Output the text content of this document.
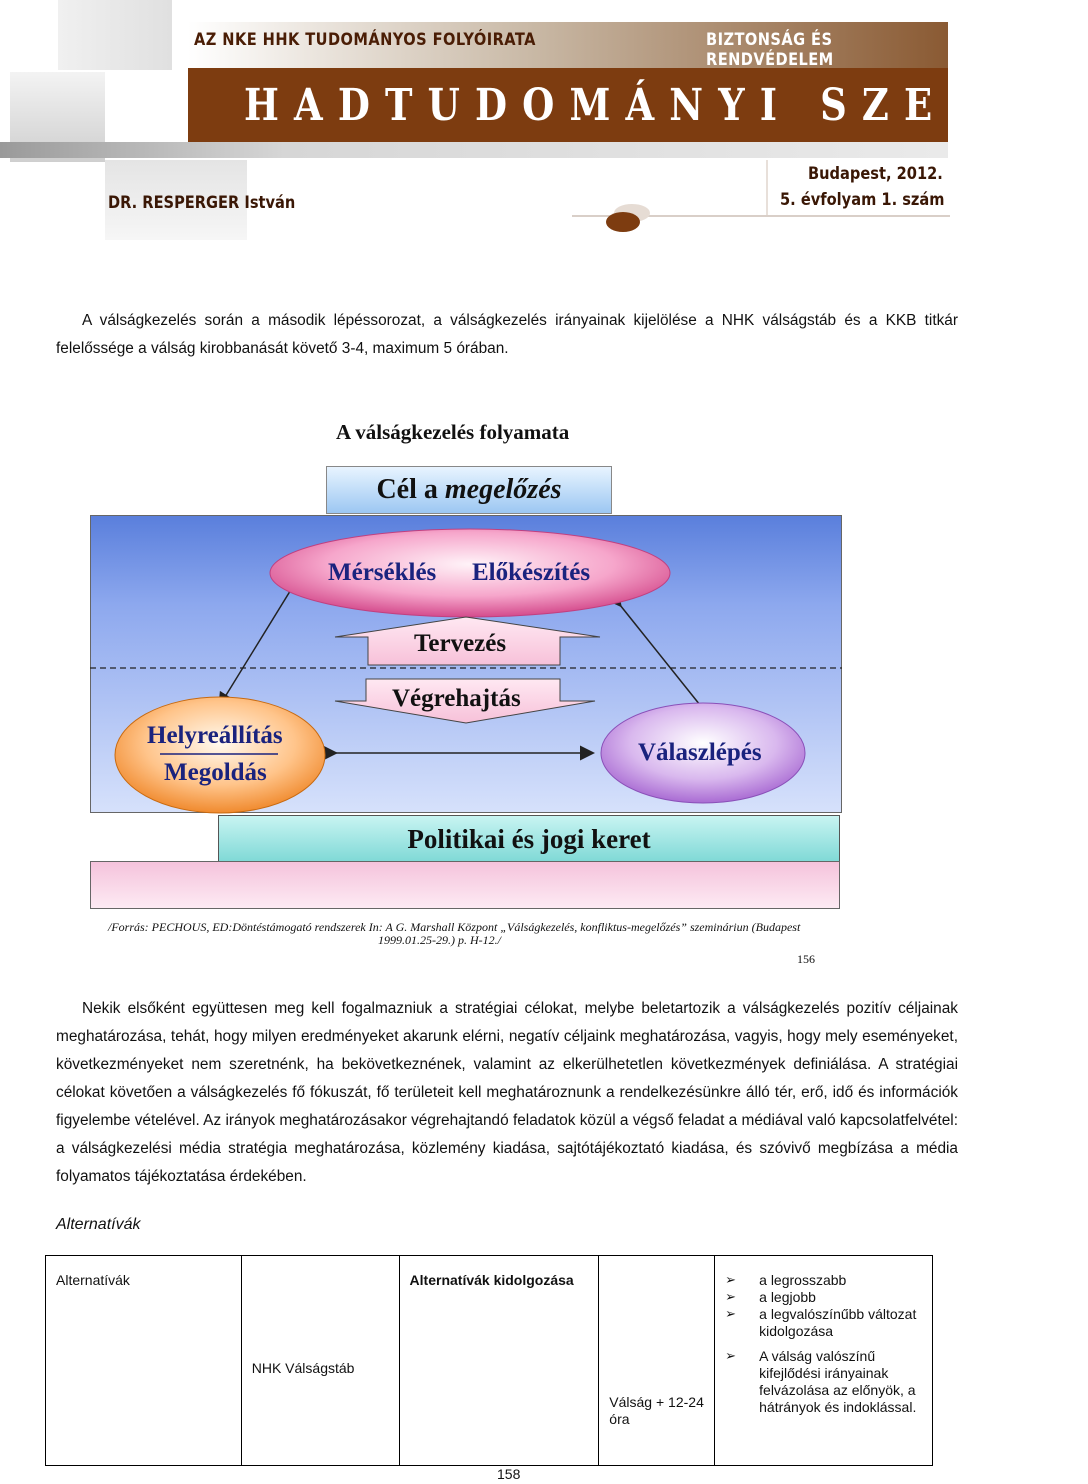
AZ NKE HHK TUDOMÁNYOS FOLYÓIRATA	BIZTONSÁG ÉS RENDVÉDELEM
HADTUDOMÁNYI SZEMLE
DR. RESPERGER István
Budapest, 2012.
5. évfolyam 1. szám
A válságkezelés során a második lépéssorozat, a válságkezelés irányainak kijelölése a NHK válságstáb és a KKB titkár felelőssége a válság kirobbanását követő 3-4, maximum 5 órában.
A válságkezelés folyamata
Cél a megelőzés
Mérséklés Előkészítés
Tervezés
Végrehajtás
Helyreállítás
Megoldás
Válaszlépés
Politikai és jogi keret
/Forrás: PECHOUS, ED:Döntéstámogató rendszerek In: A G. Marshall Központ „Válságkezelés, konfliktus-megelőzés” szemináriun (Budapest
1999.01.25-29.) p. H-12./
156
Nekik elsőként együttesen meg kell fogalmazniuk a stratégiai célokat, melybe beletartozik a válságkezelés pozitív céljainak meghatározása, tehát, hogy milyen eredményeket akarunk elérni, negatív céljaink meghatározása, vagyis, hogy mely eseményeket, következményeket nem szeretnénk, ha bekövetkeznének, valamint az elkerülhetetlen következmények definiálása. A stratégiai célokat követően a válságkezelés fő fókuszát, fő területeit kell meghatároznunk a rendelkezésünkre álló tér, erő, idő és információk figyelembe vételével. Az irányok meghatározásakor végrehajtandó feladatok közül a végső feladat a médiával való kapcsolatfelvétel: a válságkezelési média stratégia meghatározása, közlemény kiadása, sajtótájékoztató kiadása, és szóvivő megbízása a média folyamatos tájékoztatása érdekében.
Alternatívák
Alternatívák	NHK Válságstáb	Alternatívák kidolgozása	Válság + 12-24 óra	
➢ a legrosszabb
➢ a legjobb
➢ a legvalószínűbb változat kidolgozása

➢ A válság valószínű kifejlődési irányainak felvázolása az előnyök, a hátrányok és indoklással.
158
